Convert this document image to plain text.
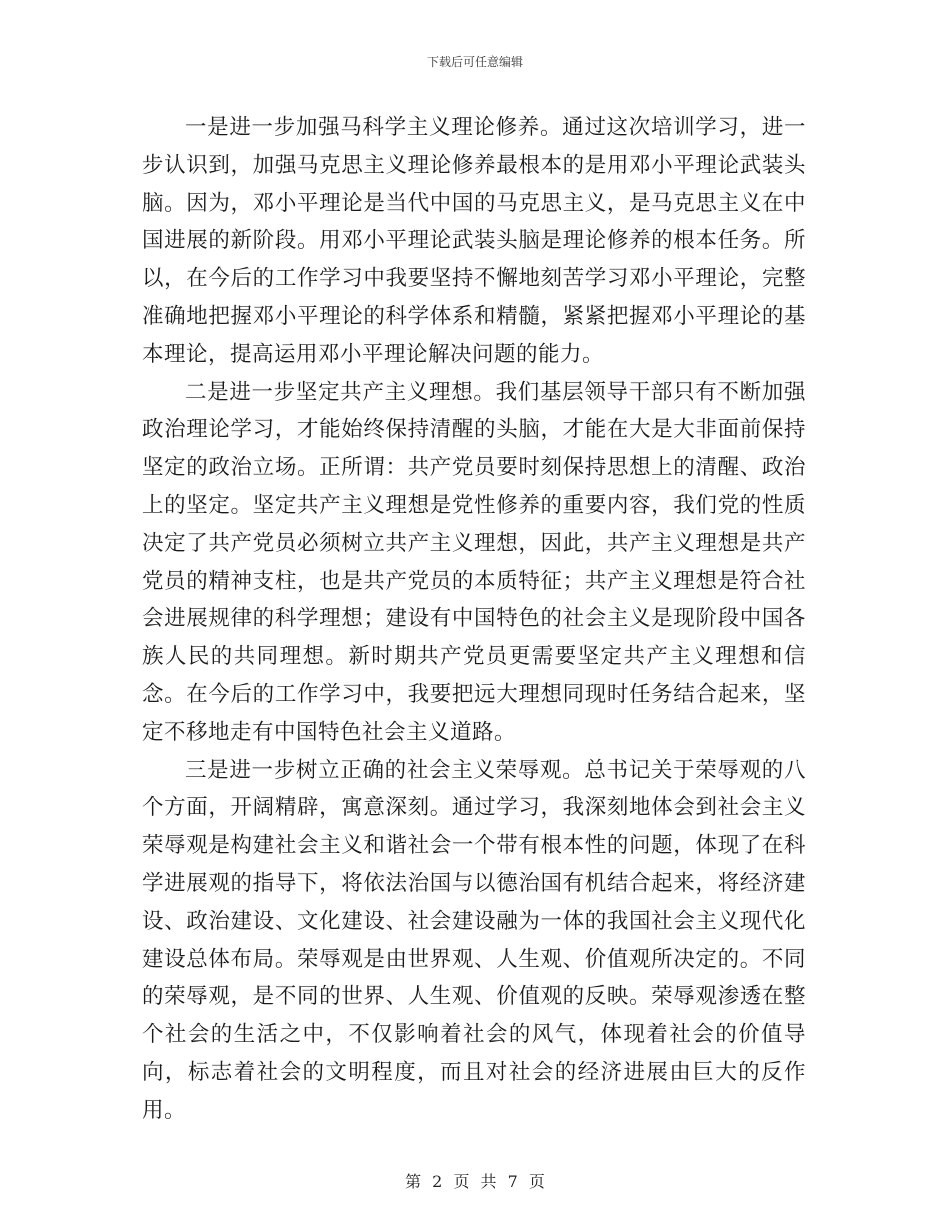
下载后可任意编辑

一是进一步加强马科学主义理论修养。通过这次培训学习，进一步认识到，加强马克思主义理论修养最根本的是用邓小平理论武装头脑。因为，邓小平理论是当代中国的马克思主义，是马克思主义在中国进展的新阶段。用邓小平理论武装头脑是理论修养的根本任务。所以，在今后的工作学习中我要坚持不懈地刻苦学习邓小平理论，完整准确地把握邓小平理论的科学体系和精髓，紧紧把握邓小平理论的基本理论，提高运用邓小平理论解决问题的能力。

二是进一步坚定共产主义理想。我们基层领导干部只有不断加强政治理论学习，才能始终保持清醒的头脑，才能在大是大非面前保持坚定的政治立场。正所谓：共产党员要时刻保持思想上的清醒、政治上的坚定。坚定共产主义理想是党性修养的重要内容，我们党的性质决定了共产党员必须树立共产主义理想，因此，共产主义理想是共产党员的精神支柱，也是共产党员的本质特征；共产主义理想是符合社会进展规律的科学理想；建设有中国特色的社会主义是现阶段中国各族人民的共同理想。新时期共产党员更需要坚定共产主义理想和信念。在今后的工作学习中，我要把远大理想同现时任务结合起来，坚定不移地走有中国特色社会主义道路。

三是进一步树立正确的社会主义荣辱观。总书记关于荣辱观的八个方面，开阔精辟，寓意深刻。通过学习，我深刻地体会到社会主义荣辱观是构建社会主义和谐社会一个带有根本性的问题，体现了在科学进展观的指导下，将依法治国与以德治国有机结合起来，将经济建设、政治建设、文化建设、社会建设融为一体的我国社会主义现代化建设总体布局。荣辱观是由世界观、人生观、价值观所决定的。不同的荣辱观，是不同的世界、人生观、价值观的反映。荣辱观渗透在整个社会的生活之中，不仅影响着社会的风气，体现着社会的价值导向，标志着社会的文明程度，而且对社会的经济进展由巨大的反作用。

第 2 页 共 7 页
